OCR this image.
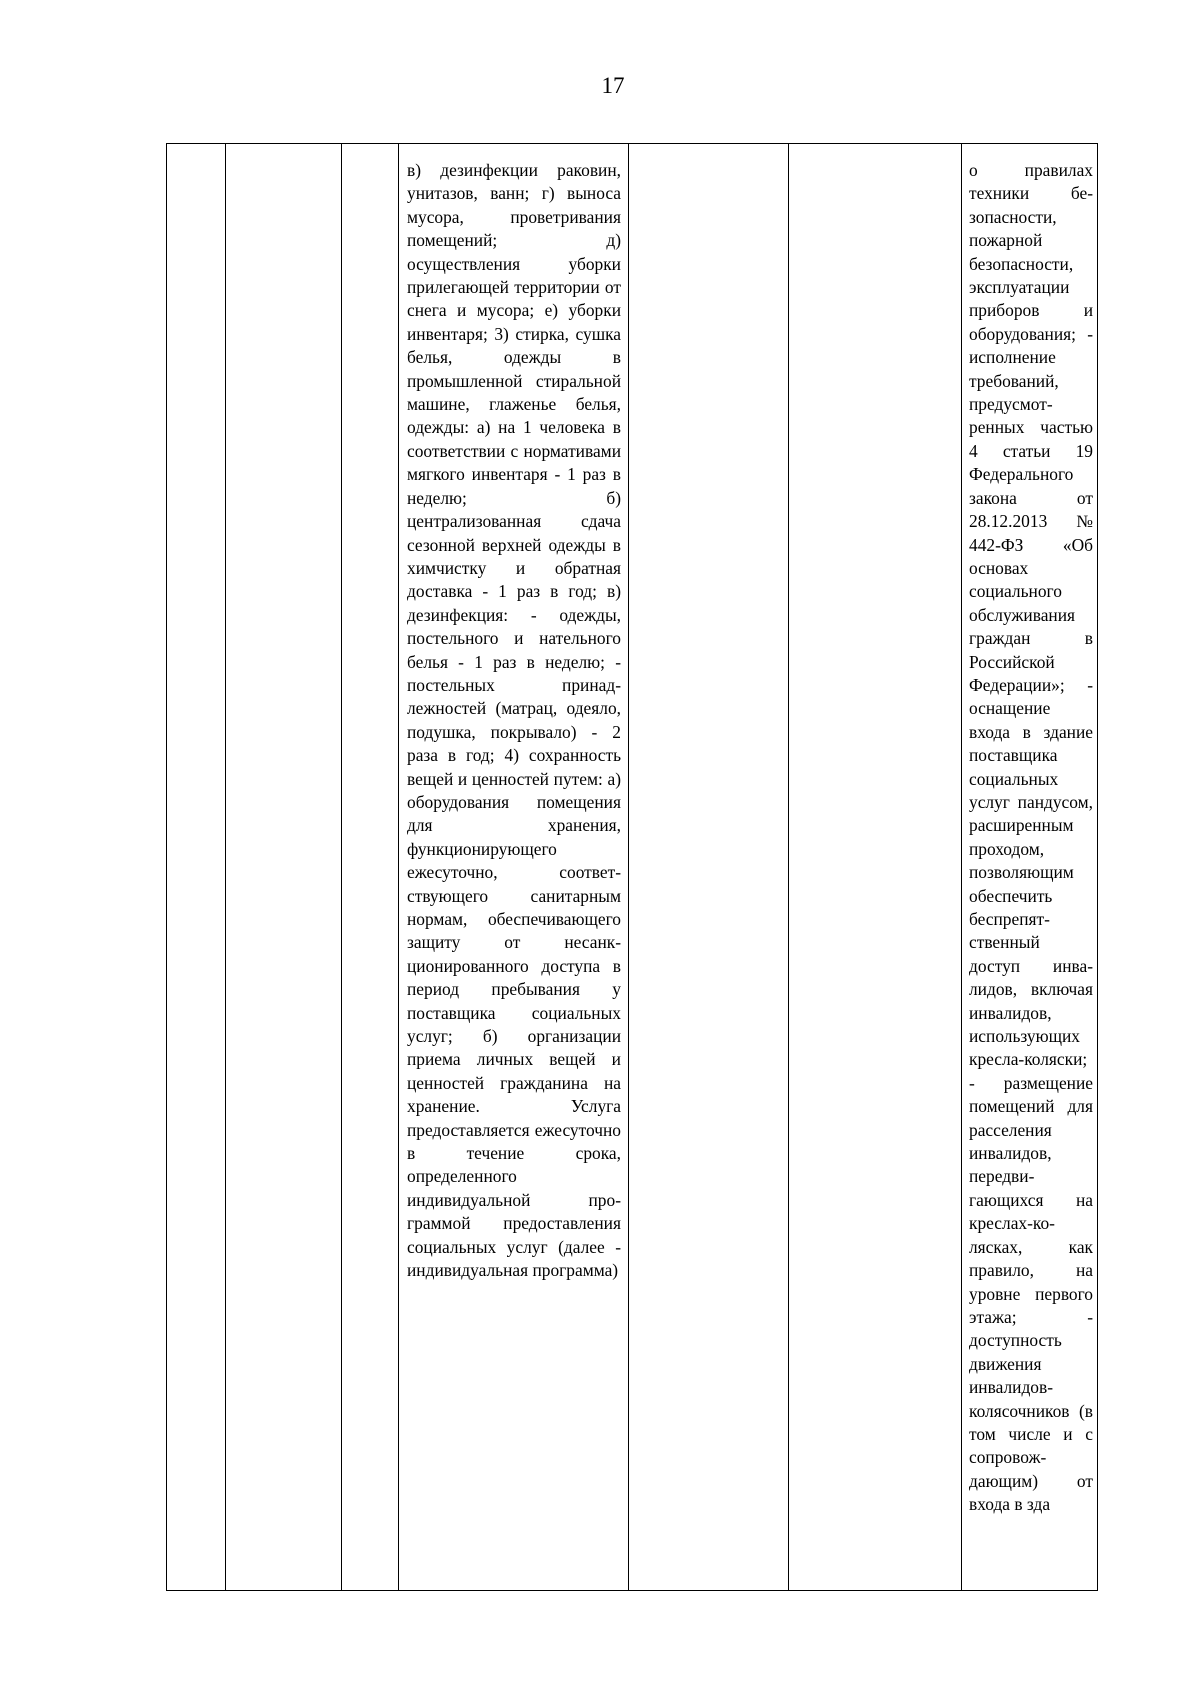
17

в) дезинфекции раковин, унитазов, ванн; г) выноса мусора, проветривания помещений; д) осуществления уборки прилегающей территории от снега и мусора; е) уборки инвентаря; 3) стирка, сушка белья, одежды в промышленной стиральной машине, глаженье белья, одежды: а) на 1 человека в соответствии с нормативами мягкого инвентаря - 1 раз в неделю; б) централизованная сдача сезонной верхней одежды в химчистку и обратная доставка - 1 раз в год; в) дезинфекция: - одежды, постельного и нательного белья - 1 раз в неделю; - постельных принадлежностей (матрац, одеяло, подушка, покрывало) - 2 раза в год; 4) сохранность вещей и ценностей путем: а) оборудования помещения для хранения, функционирующего ежесуточно, соответствующего санитарным нормам, обеспечивающего защиту от несанкционированного доступа в период пребывания у поставщика социальных услуг; б) организации приема личных вещей и ценностей гражданина на хранение. Услуга предоставляется ежесуточно в течение срока, определенного индивидуальной программой предоставления социальных услуг (далее - индивидуальная программа)

о правилах техники безопасности, пожарной безопасности, эксплуатации приборов и оборудования; - исполнение требований, предусмотренных частью 4 статьи 19 Федерального закона от 28.12.2013 № 442-ФЗ «Об основах социального обслуживания граждан в Российской Федерации»; - оснащение входа в здание поставщика социальных услуг пандусом, расширенным проходом, позволяющим обеспечить беспрепятственный доступ инвалидов, включая инвалидов, использующих кресла-коляски; - размещение помещений для расселения инвалидов, передвигающихся на креслах-колясках, как правило, на уровне первого этажа; - доступность движения инвалидовколясочников (в том числе и с сопровождающим) от входа в зда
